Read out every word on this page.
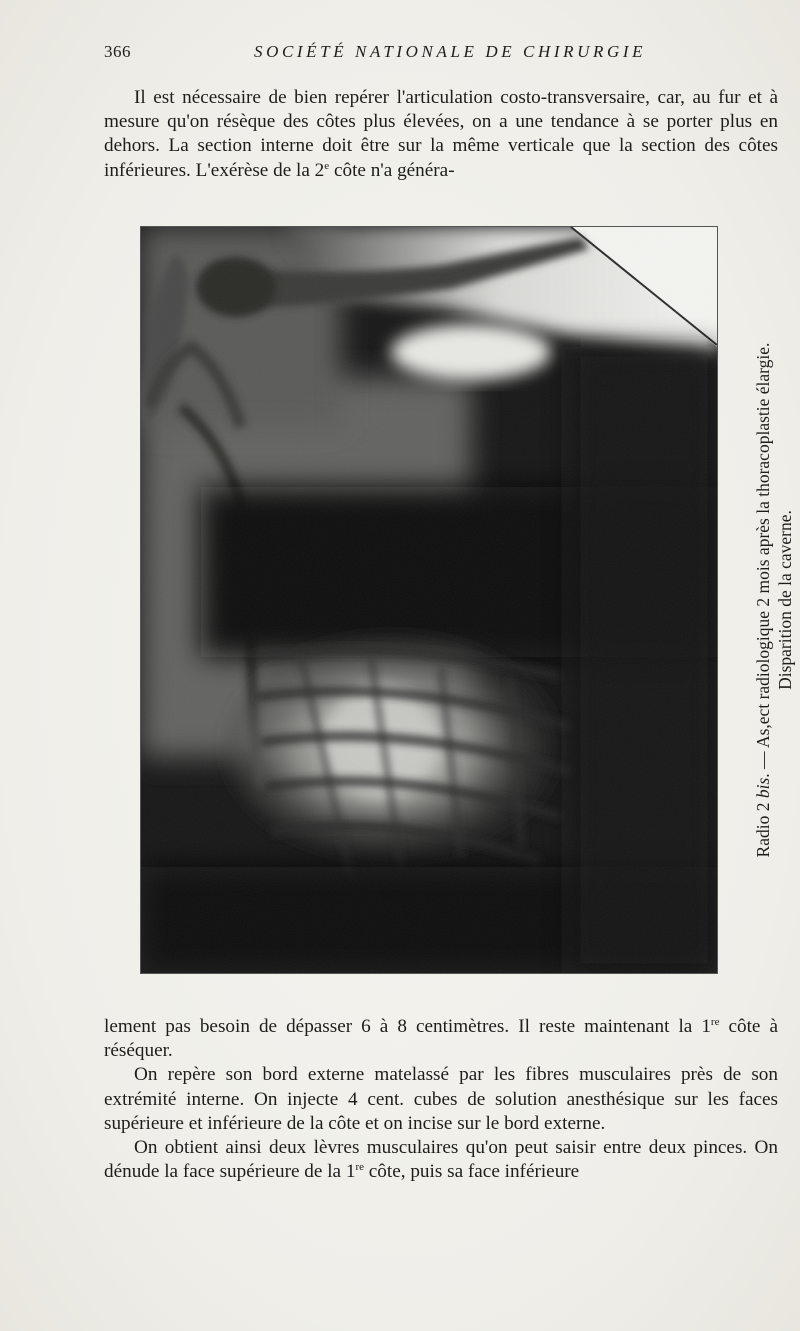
366	SOCIÉTÉ NATIONALE DE CHIRURGIE

Il est nécessaire de bien repérer l'articulation costo-transversaire, car, au fur et à mesure qu'on résèque des côtes plus élevées, on a une tendance à se porter plus en dehors. La section interne doit être sur la même verticale que la section des côtes inférieures. L'exérèse de la 2e côte n'a généra-

Radio 2 bis. — As,ect radiologique 2 mois après la thoracoplastie élargie. Disparition de la caverne.

lement pas besoin de dépasser 6 à 8 centimètres. Il reste maintenant la 1re côte à réséquer.

On repère son bord externe matelassé par les fibres musculaires près de son extrémité interne. On injecte 4 cent. cubes de solution anesthésique sur les faces supérieure et inférieure de la côte et on incise sur le bord externe.

On obtient ainsi deux lèvres musculaires qu'on peut saisir entre deux pinces. On dénude la face supérieure de la 1re côte, puis sa face inférieure
